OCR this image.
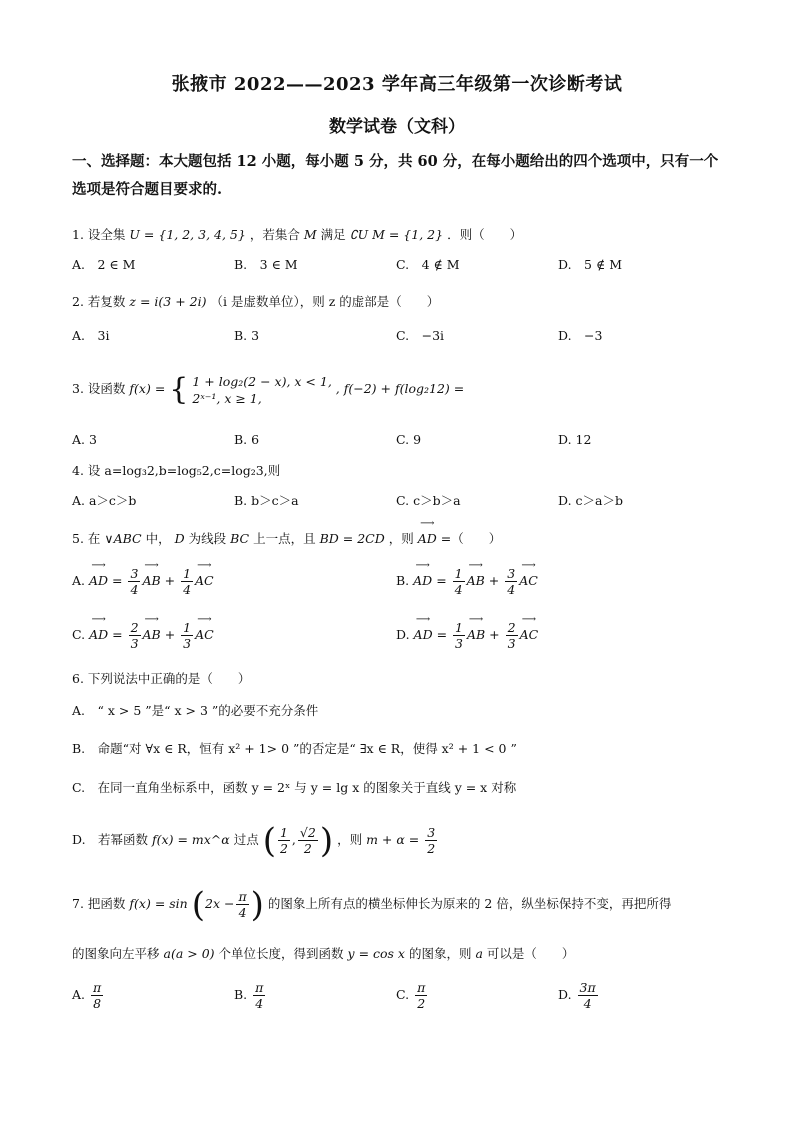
张掖市 2022——2023 学年高三年级第一次诊断考试
数学试卷（文科）
一、选择题：本大题包括 12 小题，每小题 5 分，共 60 分，在每小题给出的四个选项中，只有一个选项是符合题目要求的.
1. 设全集 U = {1, 2, 3, 4, 5} ，若集合 M 满足 ∁U M = {1, 2} ．则（　　）
A.　2 ∈ M	B.　3 ∈ M	C.　4 ∉ M	D.　5 ∉ M
2. 若复数 z = i(3 + 2i) （i 是虚数单位），则 z 的虚部是（　　）
A.　3i	B. 3	C.　−3i	D.　−3
3. 设函数 f(x) = { 1 + log₂(2 − x), x < 1,
2ˣ⁻¹, x ≥ 1,
, f(−2) + f(log₂12) =
A. 3	B. 6	C. 9	D. 12
4. 设 a=log₃2,b=log₅2,c=log₂3,则
A. a＞c＞b	B. b＞c＞a	C. c＞b＞a	D. c＞a＞b
5. 在 ∨ABC 中， D 为线段 BC 上一点，且 BD = 2CD ，则 ⟶ AD =（　　）
A. ⟶ AD = $\frac{3}{4}$ ⟶ AB + $\frac{1}{4}$ ⟶ AC	B. ⟶ AD = $\frac{1}{4}$ ⟶ AB + $\frac{3}{4}$ ⟶ AC
C. ⟶ AD = $\frac{2}{3}$ ⟶ AB + $\frac{1}{3}$ ⟶ AC	D. ⟶ AD = $\frac{1}{3}$ ⟶ AB + $\frac{2}{3}$ ⟶ AC
6. 下列说法中正确的是（　　）
A.　“ x > 5 ”是“ x > 3 ”的必要不充分条件
B.　命题“对 ∀x ∈ R，恒有 x² + 1> 0 ”的否定是“ ∃x ∈ R，使得 x² + 1 < 0 ”
C.　在同一直角坐标系中，函数 y = 2ˣ 与 y = lg x 的图象关于直线 y = x 对称
D.　若幂函数 f(x) = mx^α 过点 ( $\frac{1}{2}$ , $\frac{√2}{2}$ ) ，则 $m + \alpha = \frac{3}{2}$
7. 把函数 $f(x) = \sin (2x - \frac{\pi}{4}$ ) 的图象上所有点的横坐标伸长为原来的 2 倍，纵坐标保持不变，再把所得
的图象向左平移 a(a > 0) 个单位长度，得到函数 y = cos x 的图象，则 a 可以是（　　）
A. $\frac{\pi}{8}$	B. $\frac{\pi}{4}$	C. $\frac{\pi}{2}$	D. $\frac{3\pi}{4}$
